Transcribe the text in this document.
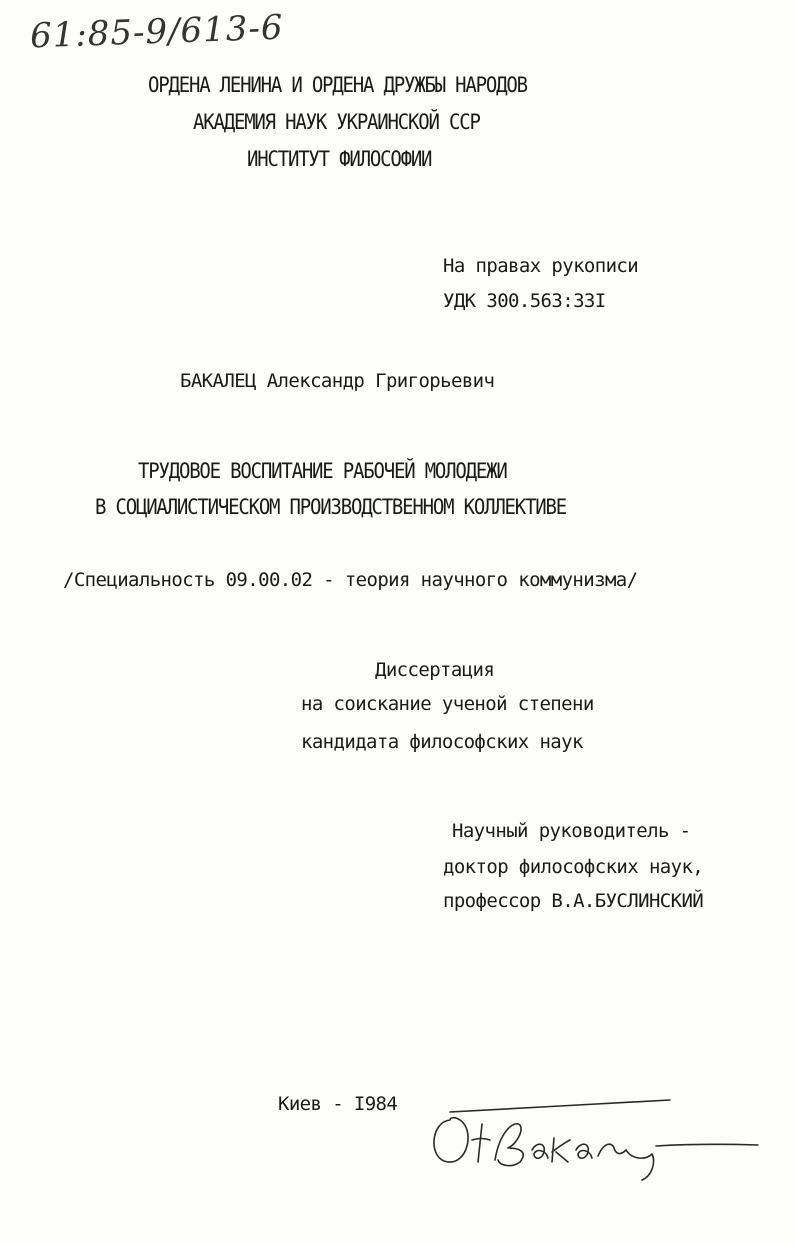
61:85-9/613-6
ОРДЕНА ЛЕНИНА И ОРДЕНА ДРУЖБЫ НАРОДОВ
АКАДЕМИЯ НАУК УКРАИНСКОЙ ССР
ИНСТИТУТ ФИЛОСОФИИ
На правах рукописи
УДК 300.563:33I
БАКАЛЕЦ Александр Григорьевич
ТРУДОВОЕ ВОСПИТАНИЕ РАБОЧЕЙ МОЛОДЕЖИ
В СОЦИАЛИСТИЧЕСКОМ ПРОИЗВОДСТВЕННОМ КОЛЛЕКТИВЕ
/Специальность 09.00.02 - теория научного коммунизма/
Диссертация
на соискание ученой степени
кандидата философских наук
Научный руководитель -
доктор философских наук,
профессор В.А.БУСЛИНСКИЙ
Киев - I984
